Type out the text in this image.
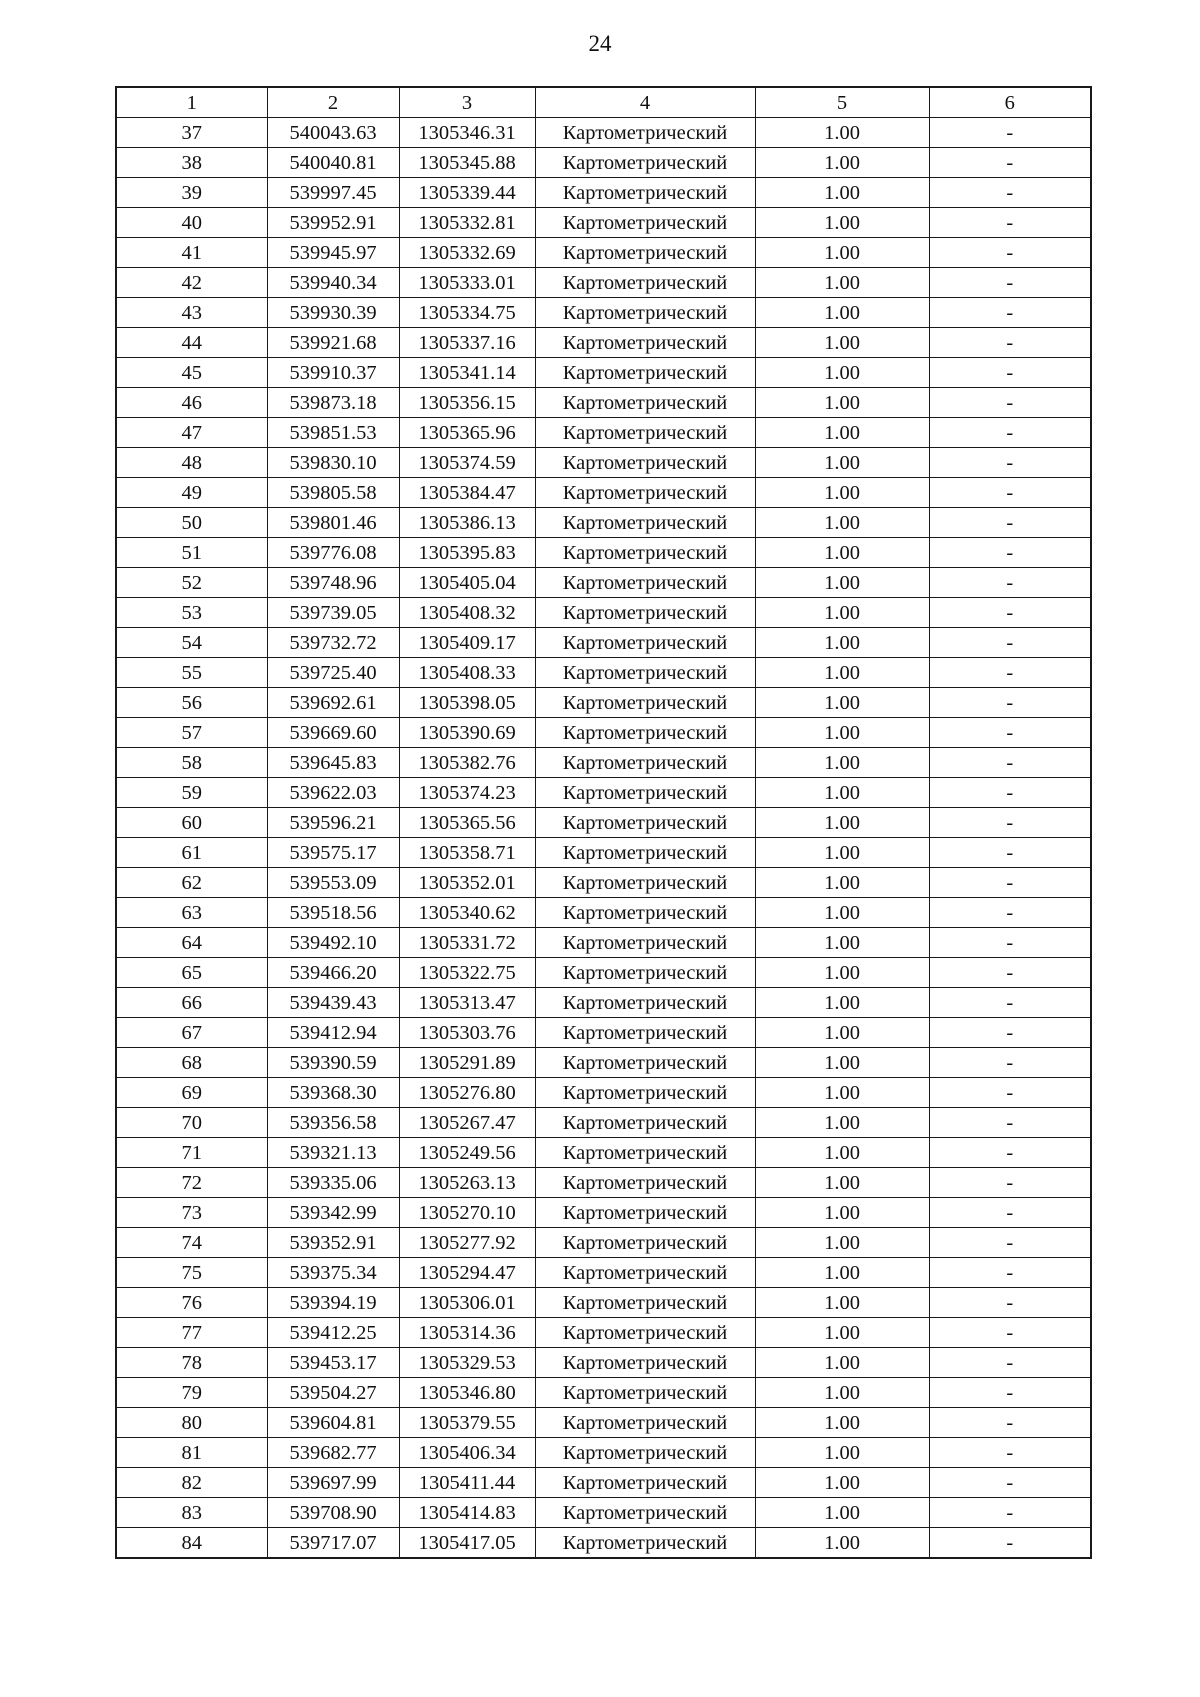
24
1	2	3	4	5	6
37	540043.63	1305346.31	Картометрический	1.00	-
38	540040.81	1305345.88	Картометрический	1.00	-
39	539997.45	1305339.44	Картометрический	1.00	-
40	539952.91	1305332.81	Картометрический	1.00	-
41	539945.97	1305332.69	Картометрический	1.00	-
42	539940.34	1305333.01	Картометрический	1.00	-
43	539930.39	1305334.75	Картометрический	1.00	-
44	539921.68	1305337.16	Картометрический	1.00	-
45	539910.37	1305341.14	Картометрический	1.00	-
46	539873.18	1305356.15	Картометрический	1.00	-
47	539851.53	1305365.96	Картометрический	1.00	-
48	539830.10	1305374.59	Картометрический	1.00	-
49	539805.58	1305384.47	Картометрический	1.00	-
50	539801.46	1305386.13	Картометрический	1.00	-
51	539776.08	1305395.83	Картометрический	1.00	-
52	539748.96	1305405.04	Картометрический	1.00	-
53	539739.05	1305408.32	Картометрический	1.00	-
54	539732.72	1305409.17	Картометрический	1.00	-
55	539725.40	1305408.33	Картометрический	1.00	-
56	539692.61	1305398.05	Картометрический	1.00	-
57	539669.60	1305390.69	Картометрический	1.00	-
58	539645.83	1305382.76	Картометрический	1.00	-
59	539622.03	1305374.23	Картометрический	1.00	-
60	539596.21	1305365.56	Картометрический	1.00	-
61	539575.17	1305358.71	Картометрический	1.00	-
62	539553.09	1305352.01	Картометрический	1.00	-
63	539518.56	1305340.62	Картометрический	1.00	-
64	539492.10	1305331.72	Картометрический	1.00	-
65	539466.20	1305322.75	Картометрический	1.00	-
66	539439.43	1305313.47	Картометрический	1.00	-
67	539412.94	1305303.76	Картометрический	1.00	-
68	539390.59	1305291.89	Картометрический	1.00	-
69	539368.30	1305276.80	Картометрический	1.00	-
70	539356.58	1305267.47	Картометрический	1.00	-
71	539321.13	1305249.56	Картометрический	1.00	-
72	539335.06	1305263.13	Картометрический	1.00	-
73	539342.99	1305270.10	Картометрический	1.00	-
74	539352.91	1305277.92	Картометрический	1.00	-
75	539375.34	1305294.47	Картометрический	1.00	-
76	539394.19	1305306.01	Картометрический	1.00	-
77	539412.25	1305314.36	Картометрический	1.00	-
78	539453.17	1305329.53	Картометрический	1.00	-
79	539504.27	1305346.80	Картометрический	1.00	-
80	539604.81	1305379.55	Картометрический	1.00	-
81	539682.77	1305406.34	Картометрический	1.00	-
82	539697.99	1305411.44	Картометрический	1.00	-
83	539708.90	1305414.83	Картометрический	1.00	-
84	539717.07	1305417.05	Картометрический	1.00	-
